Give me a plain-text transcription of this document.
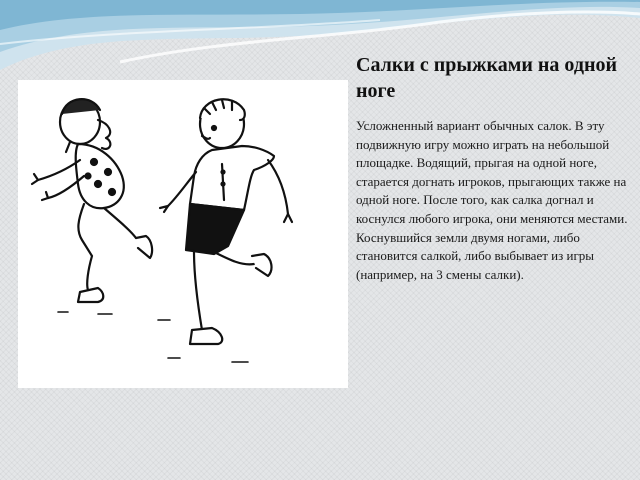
Салки с прыжками на одной ноге

Усложненный вариант обычных салок. В эту подвижную игру можно играть на небольшой площадке. Водящий, прыгая на одной ноге, старается догнать игроков, прыгающих также на одной ноге. После того, как салка догнал и коснулся любого игрока, они меняются местами. Коснувшийся земли двумя ногами, либо становится салкой, либо выбывает из игры (например, на 3 смены салки).
